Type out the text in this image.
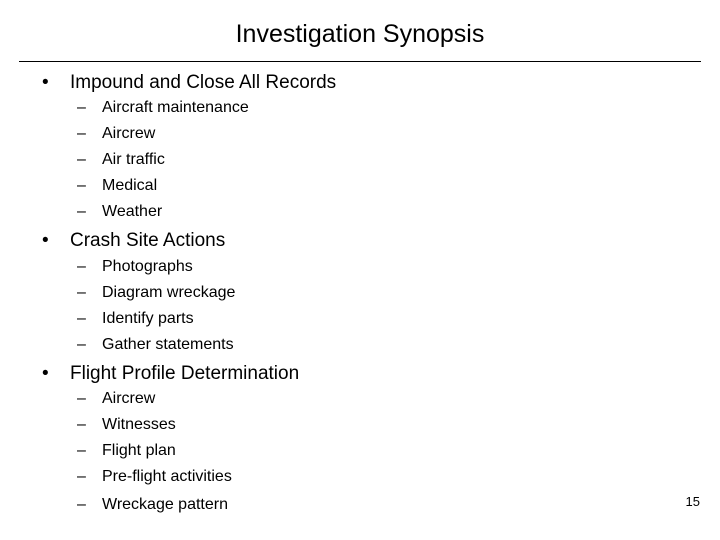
Investigation Synopsis
• Impound and Close All Records
– Aircraft maintenance
– Aircrew
– Air traffic
– Medical
– Weather
• Crash Site Actions
– Photographs
– Diagram wreckage
– Identify parts
– Gather statements
• Flight Profile Determination
– Aircrew
– Witnesses
– Flight plan
– Pre-flight activities
– Wreckage pattern	15
